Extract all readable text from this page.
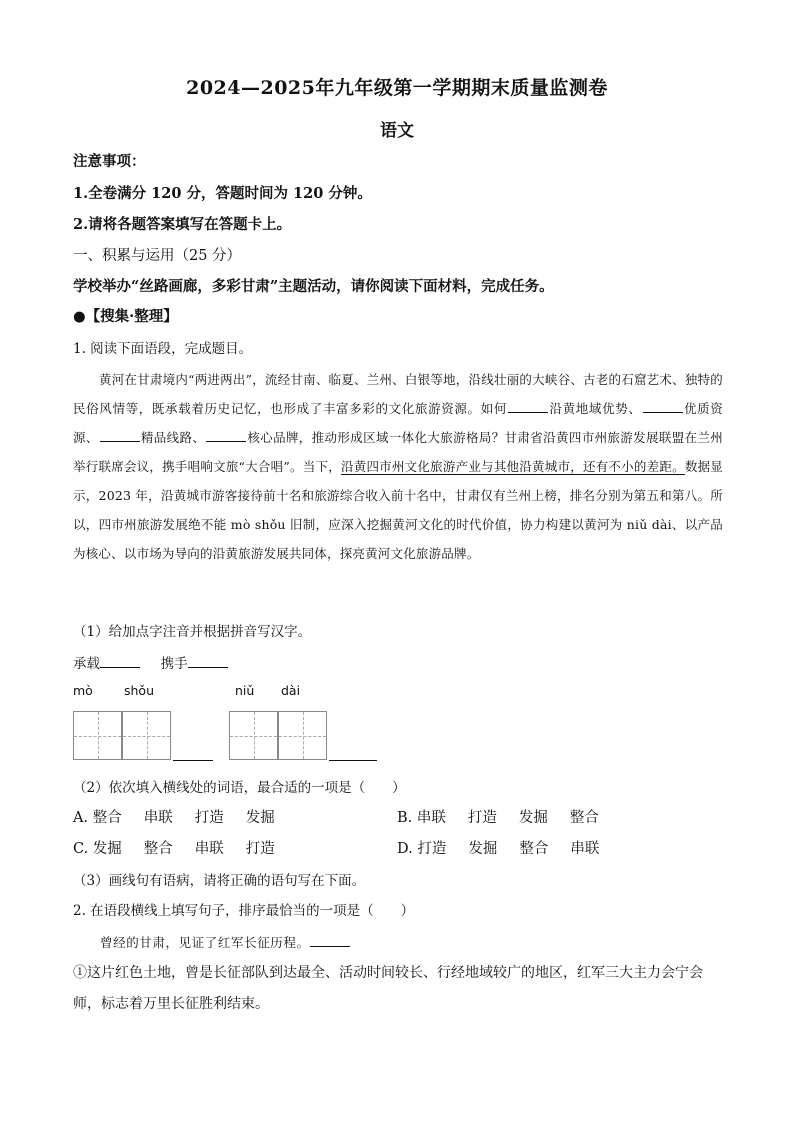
2024—2025年九年级第一学期期末质量监测卷
语文
注意事项：
1.全卷满分 120 分，答题时间为 120 分钟。
2.请将各题答案填写在答题卡上。
一、积累与运用（25 分）
学校举办“丝路画廊，多彩甘肃”主题活动，请你阅读下面材料，完成任务。
●【搜集·整理】
1. 阅读下面语段，完成题目。
黄河在甘肃境内“两进两出”，流经甘南、临夏、兰州、白银等地，沿线壮丽的大峡谷、古老的石窟艺术、独特的民俗风情等，既承载着历史记忆，也形成了丰富多彩的文化旅游资源。如何	沿黄地域优势、	优质资源、	精品线路、	核心品牌，推动形成区域一体化大旅游格局？甘肃省沿黄四市州旅游发展联盟在兰州举行联席会议，携手唱响文旅“大合唱”。当下，沿黄四市州文化旅游产业与其他沿黄城市，还有不小的差距。数据显示，2023 年，沿黄城市游客接待前十名和旅游综合收入前十名中，甘肃仅有兰州上榜，排名分别为第五和第八。所以，四市州旅游发展绝不能 mò shǒu 旧制，应深入挖掘黄河文化的时代价值，协力构建以黄河为 niǔ dài、以产品为核心、以市场为导向的沿黄旅游发展共同体，探亮黄河文化旅游品牌。
（1）给加点字注音并根据拼音写汉字。
承载	携手
mò shǒu	niǔ dài
（2）依次填入横线处的词语，最合适的一项是（　　）
A. 整合 串联 打造 发掘	B. 串联 打造 发掘 整合
C. 发掘 整合 串联 打造	D. 打造 发掘 整合 串联
（3）画线句有语病，请将正确的语句写在下面。
2. 在语段横线上填写句子，排序最恰当的一项是（　　）
曾经的甘肃，见证了红军长征历程。
①这片红色土地，曾是长征部队到达最全、活动时间较长、行经地域较广的地区，红军三大主力会宁会
师，标志着万里长征胜利结束。
